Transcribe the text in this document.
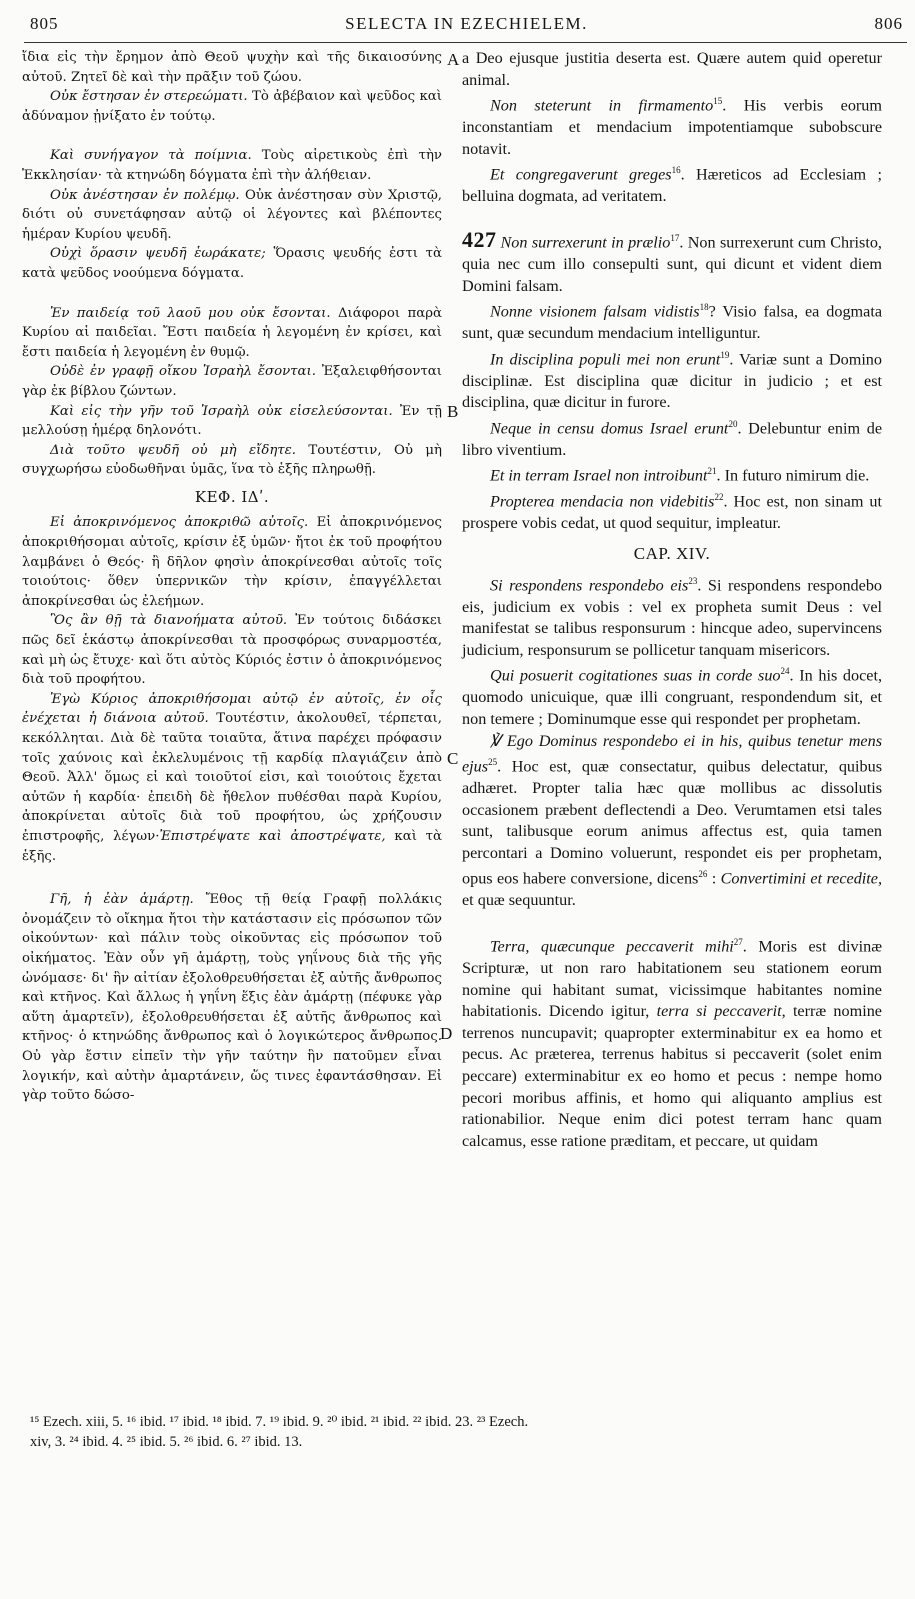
805	SELECTA IN EZECHIELEM.	806
A
B
C
D

ἴδια εἰς τὴν ἔρημον ἀπὸ Θεοῦ ψυχὴν καὶ τῆς δικαιοσύνης αὐτοῦ. Ζητεῖ δὲ καὶ τὴν πρᾶξιν τοῦ ζώου.

Οὐκ ἔστησαν ἐν στερεώματι. Τὸ ἀβέβαιον καὶ ψεῦδος καὶ ἀδύναμον ᾐνίξατο ἐν τούτῳ.

Καὶ συνήγαγον τὰ ποίμνια. Τοὺς αἱρετικοὺς ἐπὶ τὴν Ἐκκλησίαν· τὰ κτηνώδη δόγματα ἐπὶ τὴν ἀλήθειαν.

Οὐκ ἀνέστησαν ἐν πολέμῳ. Οὐκ ἀνέστησαν σὺν Χριστῷ, διότι οὐ συνετάφησαν αὐτῷ οἱ λέγοντες καὶ βλέποντες ἡμέραν Κυρίου ψευδῆ.

Οὐχὶ ὅρασιν ψευδῆ ἑωράκατε; Ὅρασις ψευδής ἐστι τὰ κατὰ ψεῦδος νοούμενα δόγματα.

Ἐν παιδείᾳ τοῦ λαοῦ μου οὐκ ἔσονται. Διάφοροι παρὰ Κυρίου αἱ παιδεῖαι. Ἔστι παιδεία ἡ λεγομένη ἐν κρίσει, καὶ ἔστι παιδεία ἡ λεγομένη ἐν θυμῷ.

Οὐδὲ ἐν γραφῇ οἴκου Ἰσραὴλ ἔσονται. Ἐξαλειφθήσονται γὰρ ἐκ βίβλου ζώντων.

Καὶ εἰς τὴν γῆν τοῦ Ἰσραὴλ οὐκ εἰσελεύσονται. Ἐν τῇ μελλούσῃ ἡμέρᾳ δηλονότι.

Διὰ τοῦτο ψευδῆ οὐ μὴ εἴδητε. Τουτέστιν, Οὐ μὴ συγχωρήσω εὐοδωθῆναι ὑμᾶς, ἵνα τὸ ἑξῆς πληρωθῇ.

ΚΕΦ. ΙΔʹ.

Εἰ ἀποκρινόμενος ἀποκριθῶ αὐτοῖς. Εἰ ἀποκρινόμενος ἀποκριθήσομαι αὐτοῖς, κρίσιν ἐξ ὑμῶν· ἤτοι ἐκ τοῦ προφήτου λαμβάνει ὁ Θεός· ἢ δῆλον φησὶν ἀποκρίνεσθαι αὐτοῖς τοῖς τοιούτοις· ὅθεν ὑπερνικῶν τὴν κρίσιν, ἐπαγγέλλεται ἀποκρίνεσθαι ὡς ἐλεήμων.

Ὃς ἂν θῇ τὰ διανοήματα αὐτοῦ. Ἐν τούτοις διδάσκει πῶς δεῖ ἑκάστῳ ἀποκρίνεσθαι τὰ προσφόρως συναρμοστέα, καὶ μὴ ὡς ἔτυχε· καὶ ὅτι αὐτὸς Κύριός ἐστιν ὁ ἀποκρινόμενος διὰ τοῦ προφήτου.

Ἐγὼ Κύριος ἀποκριθήσομαι αὐτῷ ἐν αὐτοῖς, ἐν οἷς ἐνέχεται ἡ διάνοια αὐτοῦ. Τουτέστιν, ἀκολουθεῖ, τέρπεται, κεκόλληται. Διὰ δὲ ταῦτα τοιαῦτα, ἅτινα παρέχει πρόφασιν τοῖς χαύνοις καὶ ἐκλελυμένοις τῇ καρδίᾳ πλαγιάζειν ἀπὸ Θεοῦ. Ἀλλ' ὅμως εἰ καὶ τοιοῦτοί εἰσι, καὶ τοιούτοις ἔχεται αὐτῶν ἡ καρδία· ἐπειδὴ δὲ ἤθελον πυθέσθαι παρὰ Κυρίου, ἀποκρίνεται αὐτοῖς διὰ τοῦ προφήτου, ὡς χρήζουσιν ἐπιστροφῆς, λέγων·Ἐπιστρέψατε καὶ ἀποστρέψατε, καὶ τὰ ἑξῆς.

Γῆ, ἡ ἐὰν ἁμάρτῃ. Ἔθος τῇ θείᾳ Γραφῇ πολλάκις ὀνομάζειν τὸ οἴκημα ἤτοι τὴν κατάστασιν εἰς πρόσωπον τῶν οἰκούντων· καὶ πάλιν τοὺς οἰκοῦντας εἰς πρόσωπον τοῦ οἰκήματος. Ἐὰν οὖν γῆ ἁμάρτῃ, τοὺς γηΐνους διὰ τῆς γῆς ὠνόμασε· δι' ἣν αἰτίαν ἐξολοθρευθήσεται ἐξ αὐτῆς ἄνθρωπος καὶ κτῆνος. Καὶ ἄλλως ἡ γηΐνη ἕξις ἐὰν ἁμάρτῃ (πέφυκε γὰρ αὕτη ἁμαρτεῖν), ἐξολοθρευθήσεται ἐξ αὐτῆς ἄνθρωπος καὶ κτῆνος· ὁ κτηνώδης ἄνθρωπος καὶ ὁ λογικώτερος ἄνθρωπος. Οὐ γὰρ ἔστιν εἰπεῖν τὴν γῆν ταύτην ἣν πατοῦμεν εἶναι λογικήν, καὶ αὐτὴν ἁμαρτάνειν, ὥς τινες ἐφαντάσθησαν. Εἰ γὰρ τοῦτο δώσο-

a Deo ejusque justitia deserta est. Quære autem quid operetur animal.

Non steterunt in firmamento$^{15}$. His verbis eorum inconstantiam et mendacium impotentiamque subobscure notavit.

Et congregaverunt greges$^{16}$. Hæreticos ad Ecclesiam ; belluina dogmata, ad veritatem.

427 Non surrexerunt in prælio$^{17}$. Non surrexerunt cum Christo, quia nec cum illo consepulti sunt, qui dicunt et vident diem Domini falsam.

Nonne visionem falsam vidistis$^{18}$? Visio falsa, ea dogmata sunt, quæ secundum mendacium intelliguntur.

In disciplina populi mei non erunt$^{19}$. Variæ sunt a Domino disciplinæ. Est disciplina quæ dicitur in judicio ; et est disciplina, quæ dicitur in furore.

Neque in censu domus Israel erunt$^{20}$. Delebuntur enim de libro viventium.

Et in terram Israel non introibunt$^{21}$. In futuro nimirum die.

Propterea mendacia non videbitis$^{22}$. Hoc est, non sinam ut prospere vobis cedat, ut quod sequitur, impleatur.

CAP. XIV.

Si respondens respondebo eis$^{23}$. Si respondens respondebo eis, judicium ex vobis : vel ex propheta sumit Deus : vel manifestat se talibus responsurum : hincque adeo, supervincens judicium, responsurum se pollicetur tanquam misericors.

Qui posuerit cogitationes suas in corde suo$^{24}$. In his docet, quomodo unicuique, quæ illi congruant, respondendum sit, et non temere ; Dominumque esse qui respondet per prophetam.

℣ Ego Dominus respondebo ei in his, quibus tenetur mens ejus$^{25}$. Hoc est, quæ consectatur, quibus delectatur, quibus adhæret. Propter talia hæc quæ mollibus ac dissolutis occasionem præbent deflectendi a Deo. Verumtamen etsi tales sunt, talibusque eorum animus affectus est, quia tamen percontari a Domino voluerunt, respondet eis per prophetam, opus eos habere conversione, dicens$^{26}$ : Convertimini et recedite, et quæ sequuntur.

Terra, quæcunque peccaverit mihi$^{27}$. Moris est divinæ Scripturæ, ut non raro habitationem seu stationem eorum nomine qui habitant sumat, vicissimque habitantes nomine habitationis. Dicendo igitur, terra si peccaverit, terræ nomine terrenos nuncupavit; quapropter exterminabitur ex ea homo et pecus. Ac præterea, terrenus habitus si peccaverit (solet enim peccare) exterminabitur ex eo homo et pecus : nempe homo pecori moribus affinis, et homo qui aliquanto amplius est rationabilior. Neque enim dici potest terram hanc quam calcamus, esse ratione præditam, et peccare, ut quidam

¹⁵ Ezech. xiii, 5. ¹⁶ ibid. ¹⁷ ibid. ¹⁸ ibid. 7. ¹⁹ ibid. 9. ²⁰ ibid. ²¹ ibid. ²² ibid. 23. ²³ Ezech.
xiv, 3. ²⁴ ibid. 4. ²⁵ ibid. 5. ²⁶ ibid. 6. ²⁷ ibid. 13.
